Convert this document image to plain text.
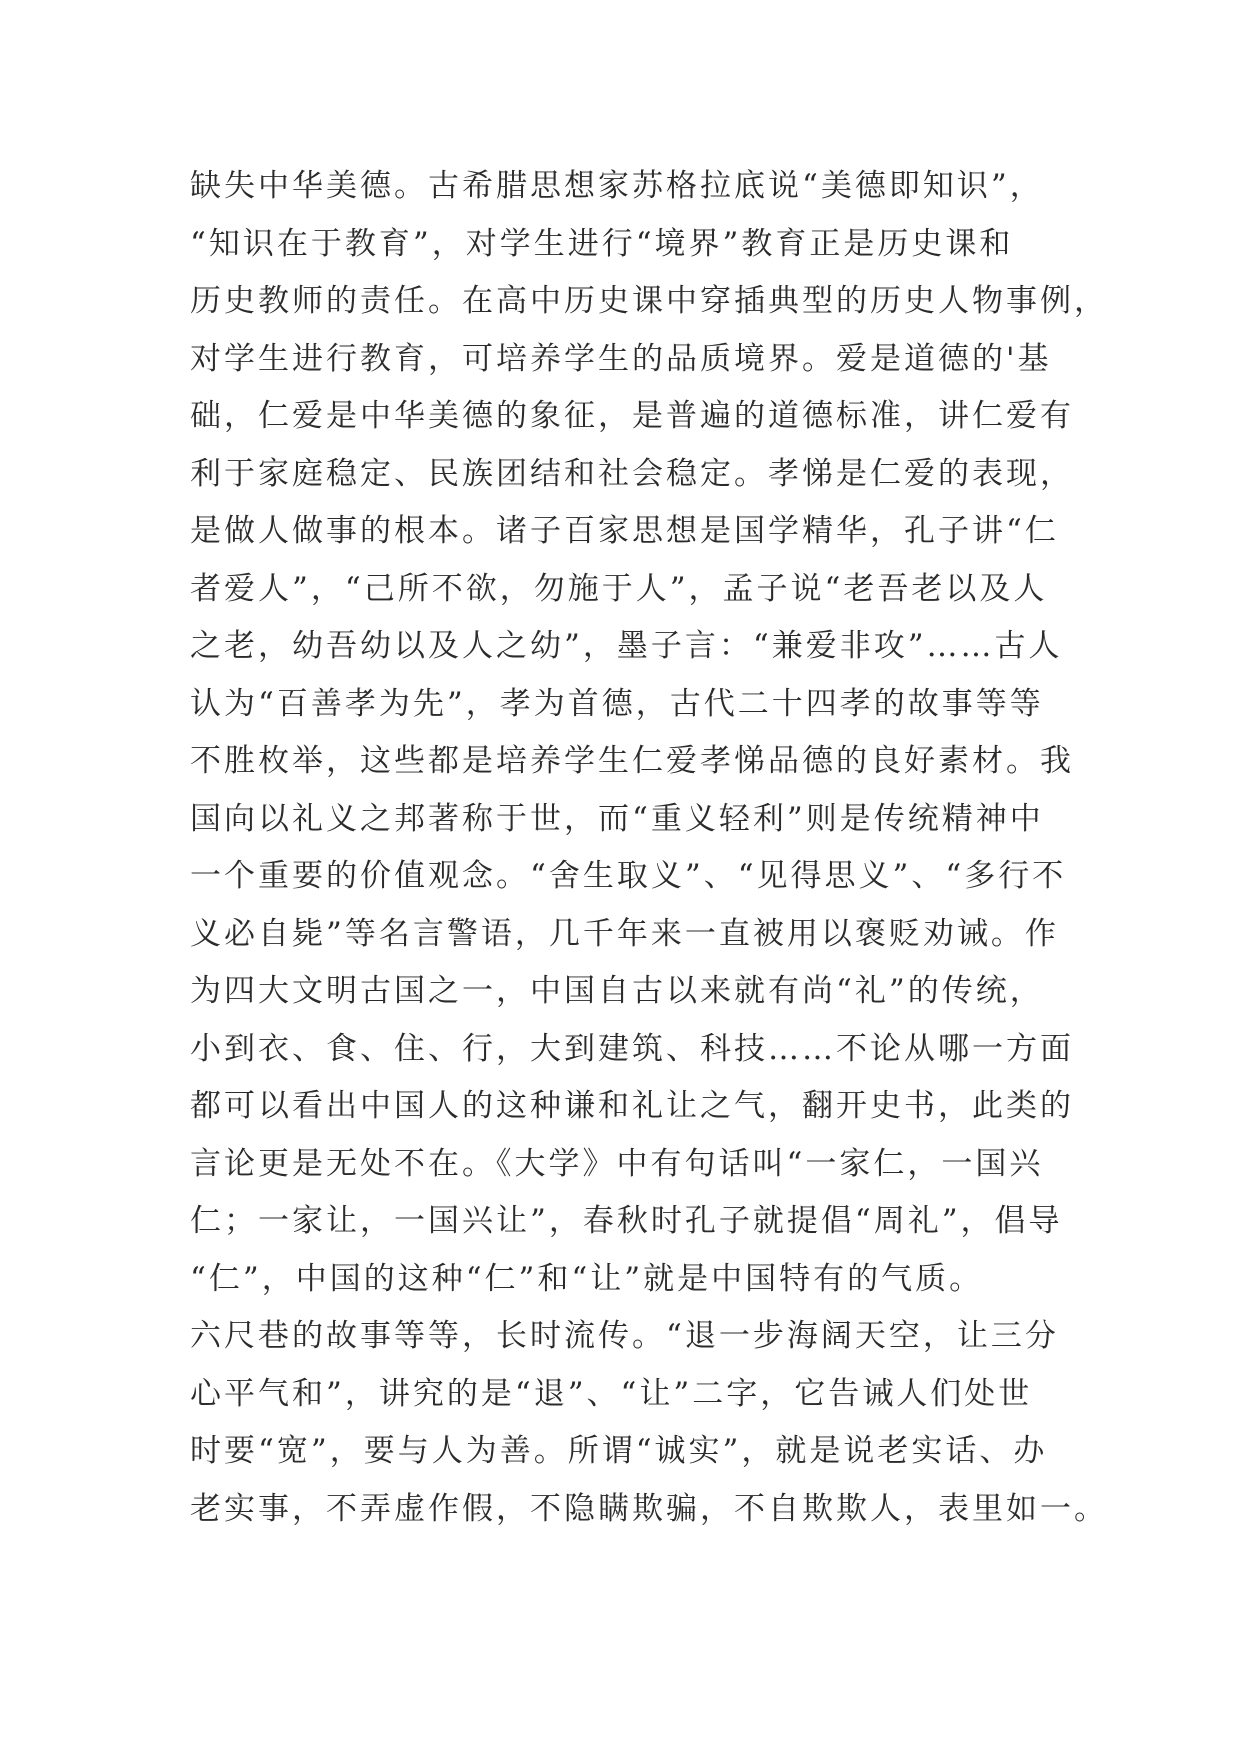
缺失中华美德。古希腊思想家苏格拉底说“美德即知识”，
“知识在于教育”，对学生进行“境界”教育正是历史课和
历史教师的责任。在高中历史课中穿插典型的历史人物事例，
对学生进行教育，可培养学生的品质境界。爱是道德的'基
础，仁爱是中华美德的象征，是普遍的道德标准，讲仁爱有
利于家庭稳定、民族团结和社会稳定。孝悌是仁爱的表现，
是做人做事的根本。诸子百家思想是国学精华，孔子讲“仁
者爱人”，“己所不欲，勿施于人”，孟子说“老吾老以及人
之老，幼吾幼以及人之幼”，墨子言：“兼爱非攻”……古人
认为“百善孝为先”，孝为首德，古代二十四孝的故事等等
不胜枚举，这些都是培养学生仁爱孝悌品德的良好素材。我
国向以礼义之邦著称于世，而“重义轻利”则是传统精神中
一个重要的价值观念。“舍生取义”、“见得思义”、“多行不
义必自毙”等名言警语，几千年来一直被用以褒贬劝诫。作
为四大文明古国之一，中国自古以来就有尚“礼”的传统，
小到衣、食、住、行，大到建筑、科技……不论从哪一方面
都可以看出中国人的这种谦和礼让之气，翻开史书，此类的
言论更是无处不在。《大学》中有句话叫“一家仁，一国兴
仁；一家让，一国兴让”，春秋时孔子就提倡“周礼”，倡导
“仁”，中国的这种“仁”和“让”就是中国特有的气质。
六尺巷的故事等等，长时流传。“退一步海阔天空，让三分
心平气和”，讲究的是“退”、“让”二字，它告诫人们处世
时要“宽”，要与人为善。所谓“诚实”，就是说老实话、办
老实事，不弄虚作假，不隐瞒欺骗，不自欺欺人，表里如一。
